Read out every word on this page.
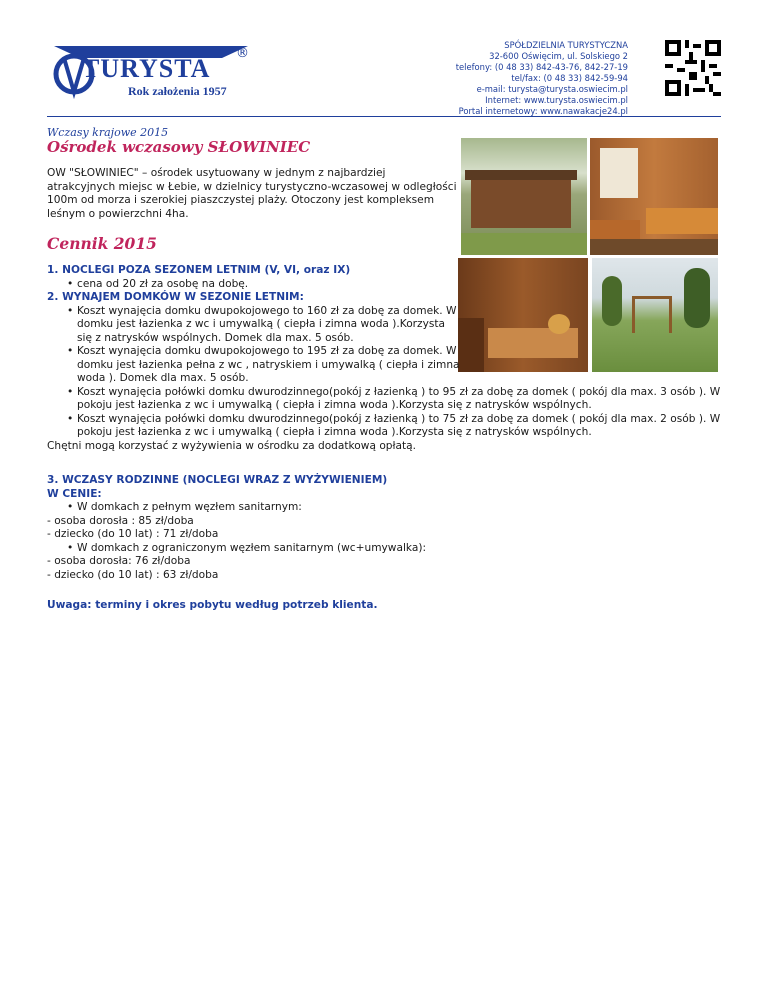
TURYSTA
®
Rok założenia 1957
SPÓŁDZIELNIA TURYSTYCZNA
32-600 Oświęcim, ul. Solskiego 2
telefony: (0 48 33) 842-43-76, 842-27-19
tel/fax: (0 48 33) 842-59-94
e-mail: turysta@turysta.oswiecim.pl
Internet: www.turysta.oswiecim.pl
Portal internetowy: www.nawakacje24.pl
Wczasy krajowe 2015
Ośrodek wczasowy SŁOWINIEC
OW "SŁOWINIEC" – ośrodek usytuowany w jednym z najbardziej atrakcyjnych miejsc w Łebie, w dzielnicy turystyczno-wczasowej w odległości 100m od morza i szerokiej piaszczystej plaży. Otoczony jest kompleksem leśnym o powierzchni 4ha.
Cennik 2015
1. NOCLEGI POZA SEZONEM LETNIM (V, VI, oraz IX)
• cena od 20 zł za osobę na dobę.
2. WYNAJEM DOMKÓW W SEZONIE LETNIM:
• Koszt wynajęcia domku dwupokojowego to 160 zł za dobę za domek. W domku jest łazienka z wc i umywalką ( ciepła i zimna woda ).Korzysta się z natrysków wspólnych. Domek dla max. 5 osób.
• Koszt wynajęcia domku dwupokojowego to 195 zł za dobę za domek. W domku jest łazienka pełna z wc , natryskiem i umywalką ( ciepła i zimna woda ). Domek dla max. 5 osób.
• Koszt wynajęcia połówki domku dwurodzinnego(pokój z łazienką ) to 95 zł za dobę za domek ( pokój dla max. 3 osób ). W pokoju jest łazienka z wc i umywalką ( ciepła i zimna woda ).Korzysta się z natrysków wspólnych.
• Koszt wynajęcia połówki domku dwurodzinnego(pokój z łazienką ) to 75 zł za dobę za domek ( pokój dla max. 2 osób ). W pokoju jest łazienka z wc i umywalką ( ciepła i zimna woda ).Korzysta się z natrysków wspólnych.
Chętni mogą korzystać z wyżywienia w ośrodku za dodatkową opłatą.
3. WCZASY RODZINNE (NOCLEGI WRAZ Z WYŻYWIENIEM)
W CENIE:
• W domkach z pełnym węzłem sanitarnym:
- osoba dorosła : 85 zł/doba
- dziecko (do 10 lat) : 71 zł/doba
• W domkach z ograniczonym węzłem sanitarnym (wc+umywalka):
- osoba dorosła: 76 zł/doba
- dziecko (do 10 lat) : 63 zł/doba
Uwaga: terminy i okres pobytu według potrzeb klienta.
